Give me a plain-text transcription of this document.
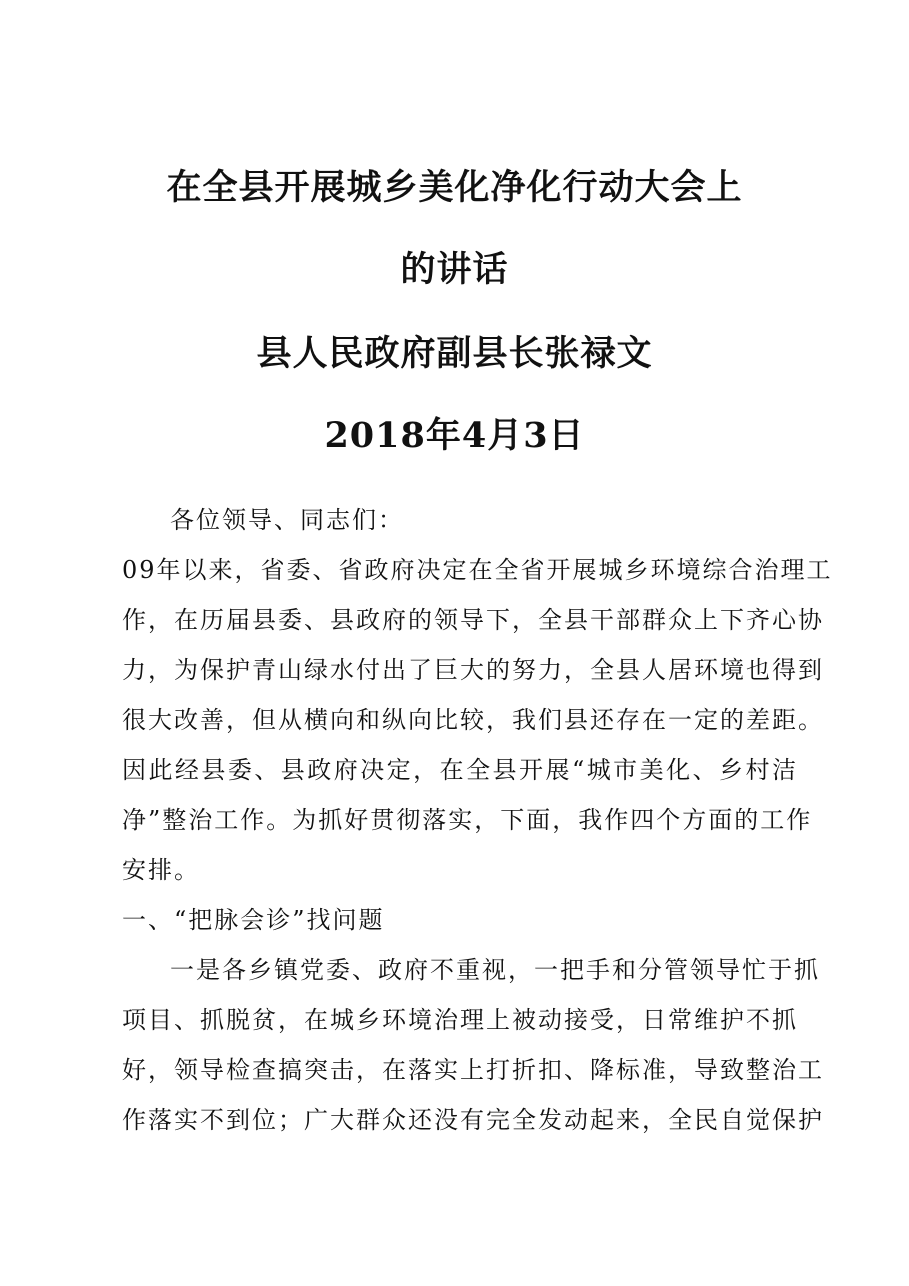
在全县开展城乡美化净化行动大会上
的讲话
县人民政府副县长张禄文
2018年4月3日
各位领导、同志们：
09年以来，省委、省政府决定在全省开展城乡环境综合治理工
作，在历届县委、县政府的领导下，全县干部群众上下齐心协
力，为保护青山绿水付出了巨大的努力，全县人居环境也得到
很大改善，但从横向和纵向比较，我们县还存在一定的差距。
因此经县委、县政府决定，在全县开展“城市美化、乡村洁
净”整治工作。为抓好贯彻落实，下面，我作四个方面的工作
安排。
一、“把脉会诊”找问题
一是各乡镇党委、政府不重视，一把手和分管领导忙于抓
项目、抓脱贫，在城乡环境治理上被动接受，日常维护不抓
好，领导检查搞突击，在落实上打折扣、降标准，导致整治工
作落实不到位；广大群众还没有完全发动起来，全民自觉保护
